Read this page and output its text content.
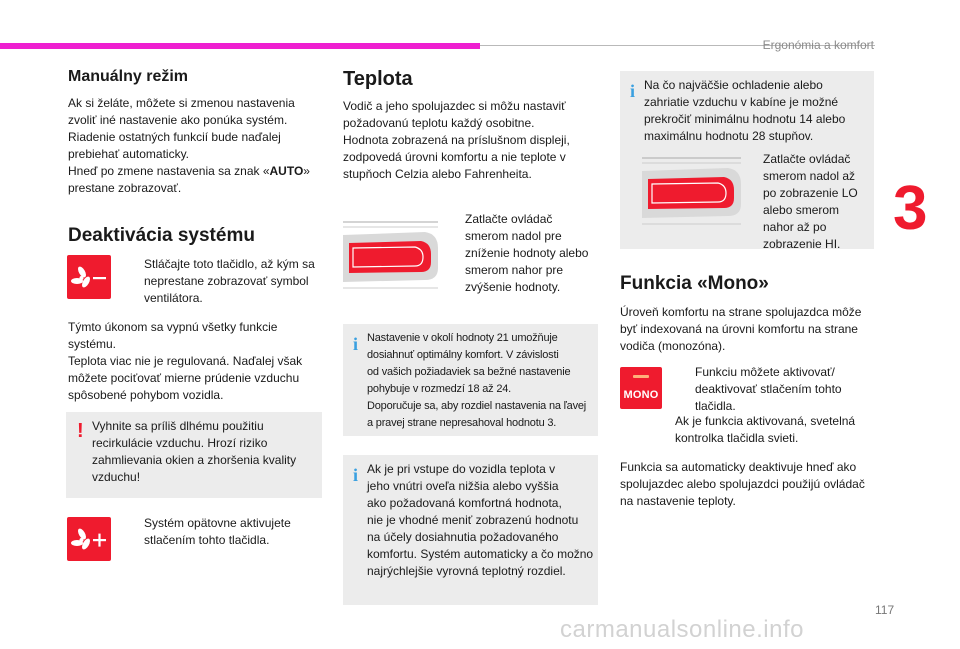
Ergonómia a komfort
3
Manuálny režim
Ak si želáte, môžete si zmenou nastavenia
zvoliť iné nastavenie ako ponúka systém.
Riadenie ostatných funkcií bude naďalej
prebiehať automaticky.
Hneď po zmene nastavenia sa znak «AUTO»
prestane zobrazovať.
Deaktivácia systému
Stláčajte toto tlačidlo, až kým sa
neprestane zobrazovať symbol
ventilátora.
Týmto úkonom sa vypnú všetky funkcie
systému.
Teplota viac nie je regulovaná. Naďalej však
môžete pociťovať mierne prúdenie vzduchu
spôsobené pohybom vozidla.
! Vyhnite sa príliš dlhému použitiu
recirkulácie vzduchu. Hrozí riziko
zahmlievania okien a zhoršenia kvality
vzduchu!
Systém opätovne aktivujete
stlačením tohto tlačidla.
Teplota
Vodič a jeho spolujazdec si môžu nastaviť
požadovanú teplotu každý osobitne.
Hodnota zobrazená na príslušnom displeji,
zodpovedá úrovni komfortu a nie teplote v
stupňoch Celzia alebo Fahrenheita.
Zatlačte ovládač
smerom nadol pre
zníženie hodnoty alebo
smerom nahor pre
zvýšenie hodnoty.
i Nastavenie v okolí hodnoty 21 umožňuje
dosiahnuť optimálny komfort. V závislosti
od vašich požiadaviek sa bežné nastavenie
pohybuje v rozmedzí 18 až 24.
Doporučuje sa, aby rozdiel nastavenia na ľavej
a pravej strane nepresahoval hodnotu 3.
i Ak je pri vstupe do vozidla teplota v
jeho vnútri oveľa nižšia alebo vyššia
ako požadovaná komfortná hodnota,
nie je vhodné meniť zobrazenú hodnotu
na účely dosiahnutia požadovaného
komfortu. Systém automaticky a čo možno
najrýchlejšie vyrovná teplotný rozdiel.
i Na čo najväčšie ochladenie alebo
zahriatie vzduchu v kabíne je možné
prekročiť minimálnu hodnotu 14 alebo
maximálnu hodnotu 28 stupňov.
Zatlačte ovládač
smerom nadol až
po zobrazenie LO
alebo smerom
nahor až po
zobrazenie HI.
Funkcia «Mono»
Úroveň komfortu na strane spolujazdca môže
byť indexovaná na úrovni komfortu na strane
vodiča (monozóna).
MONO
Funkciu môžete aktivovať/
deaktivovať stlačením tohto
tlačidla.
Ak je funkcia aktivovaná, svetelná
kontrolka tlačidla svieti.
Funkcia sa automaticky deaktivuje hneď ako
spolujazdec alebo spolujazdci použijú ovládač
na nastavenie teploty.
117
carmanualsonline.info
